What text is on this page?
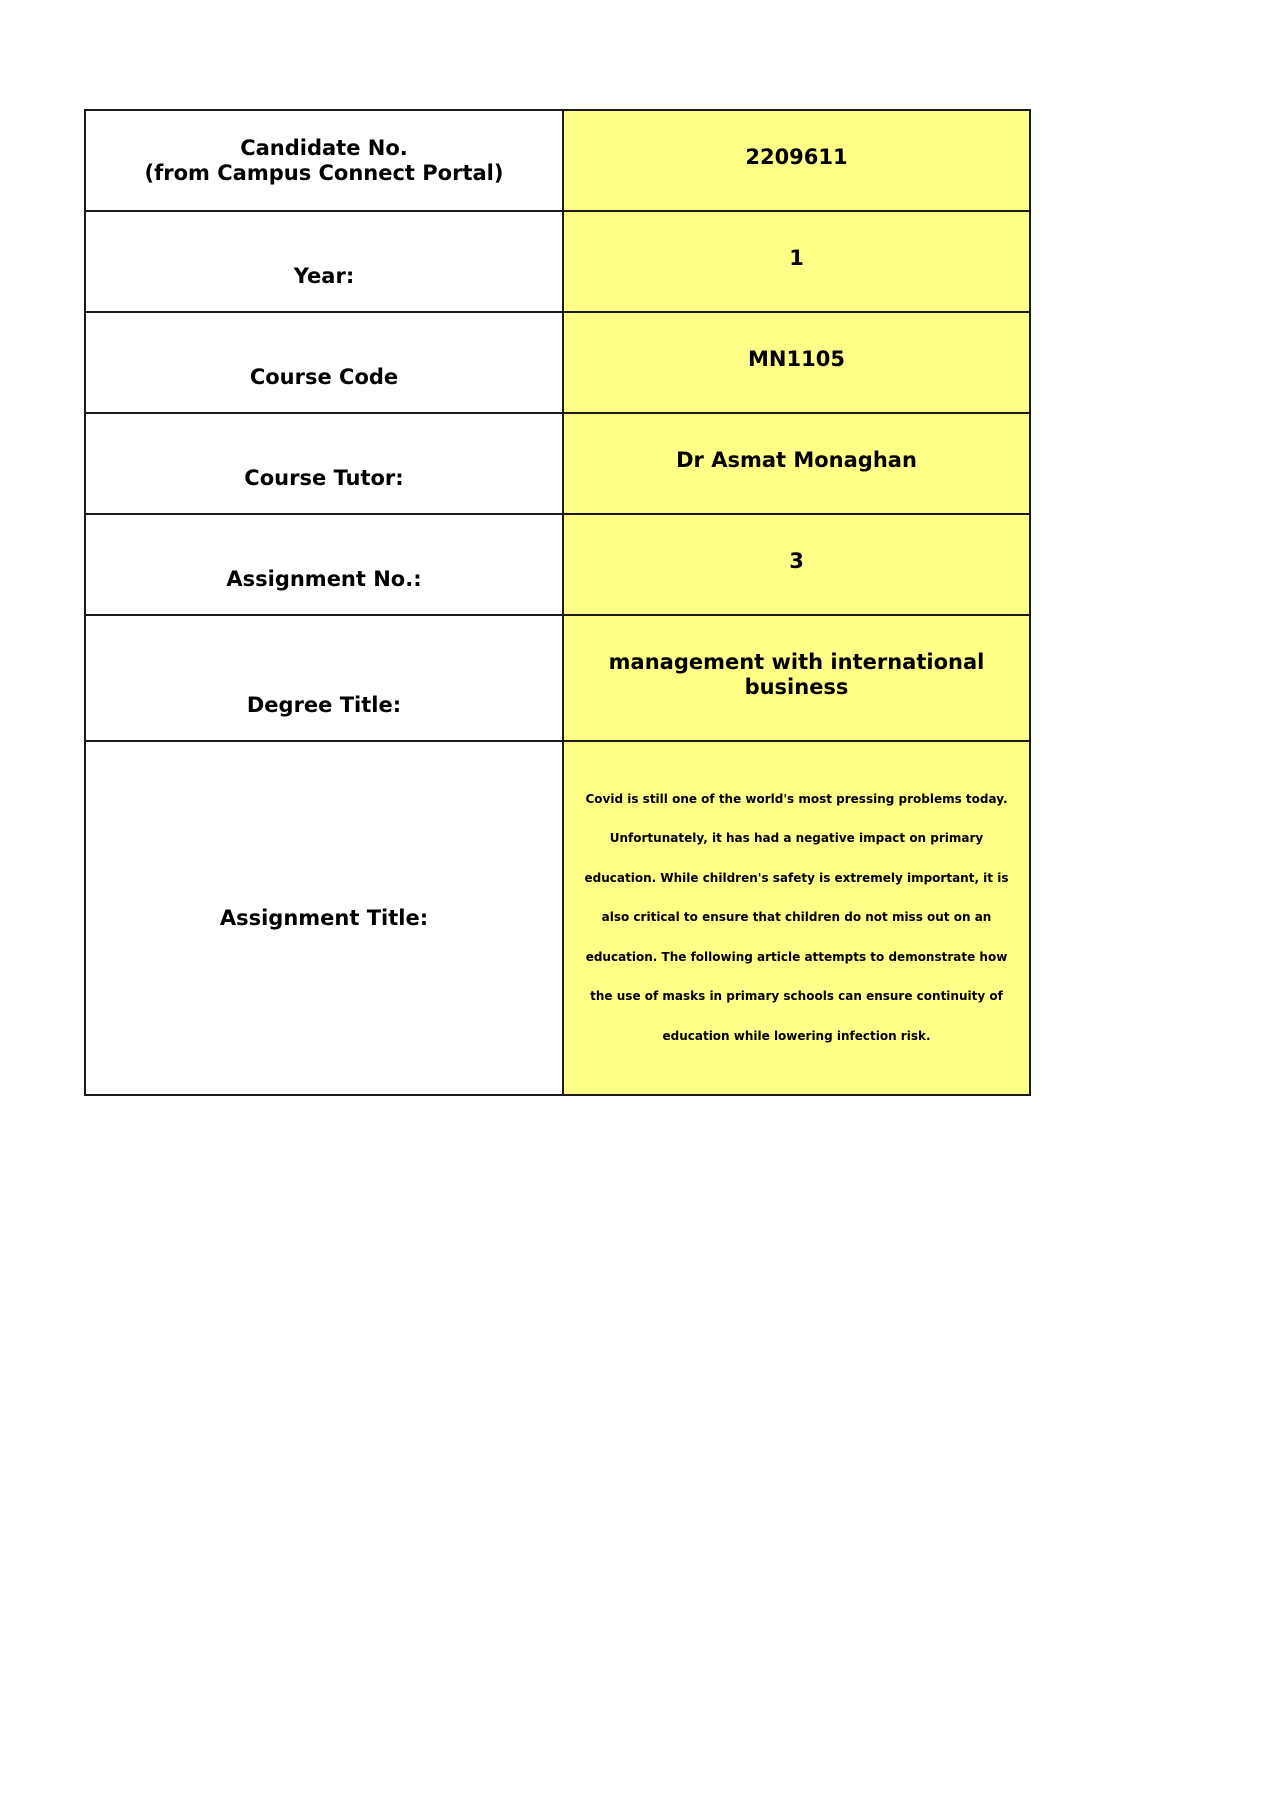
Candidate No.
(from Campus Connect Portal)	2209611
Year:	1
Course Code	MN1105
Course Tutor:	Dr Asmat Monaghan
Assignment No.:	3
Degree Title:	management with international business
Assignment Title:	Covid is still one of the world's most pressing problems today. Unfortunately, it has had a negative impact on primary education. While children's safety is extremely important, it is also critical to ensure that children do not miss out on an education. The following article attempts to demonstrate how the use of masks in primary schools can ensure continuity of education while lowering infection risk.
